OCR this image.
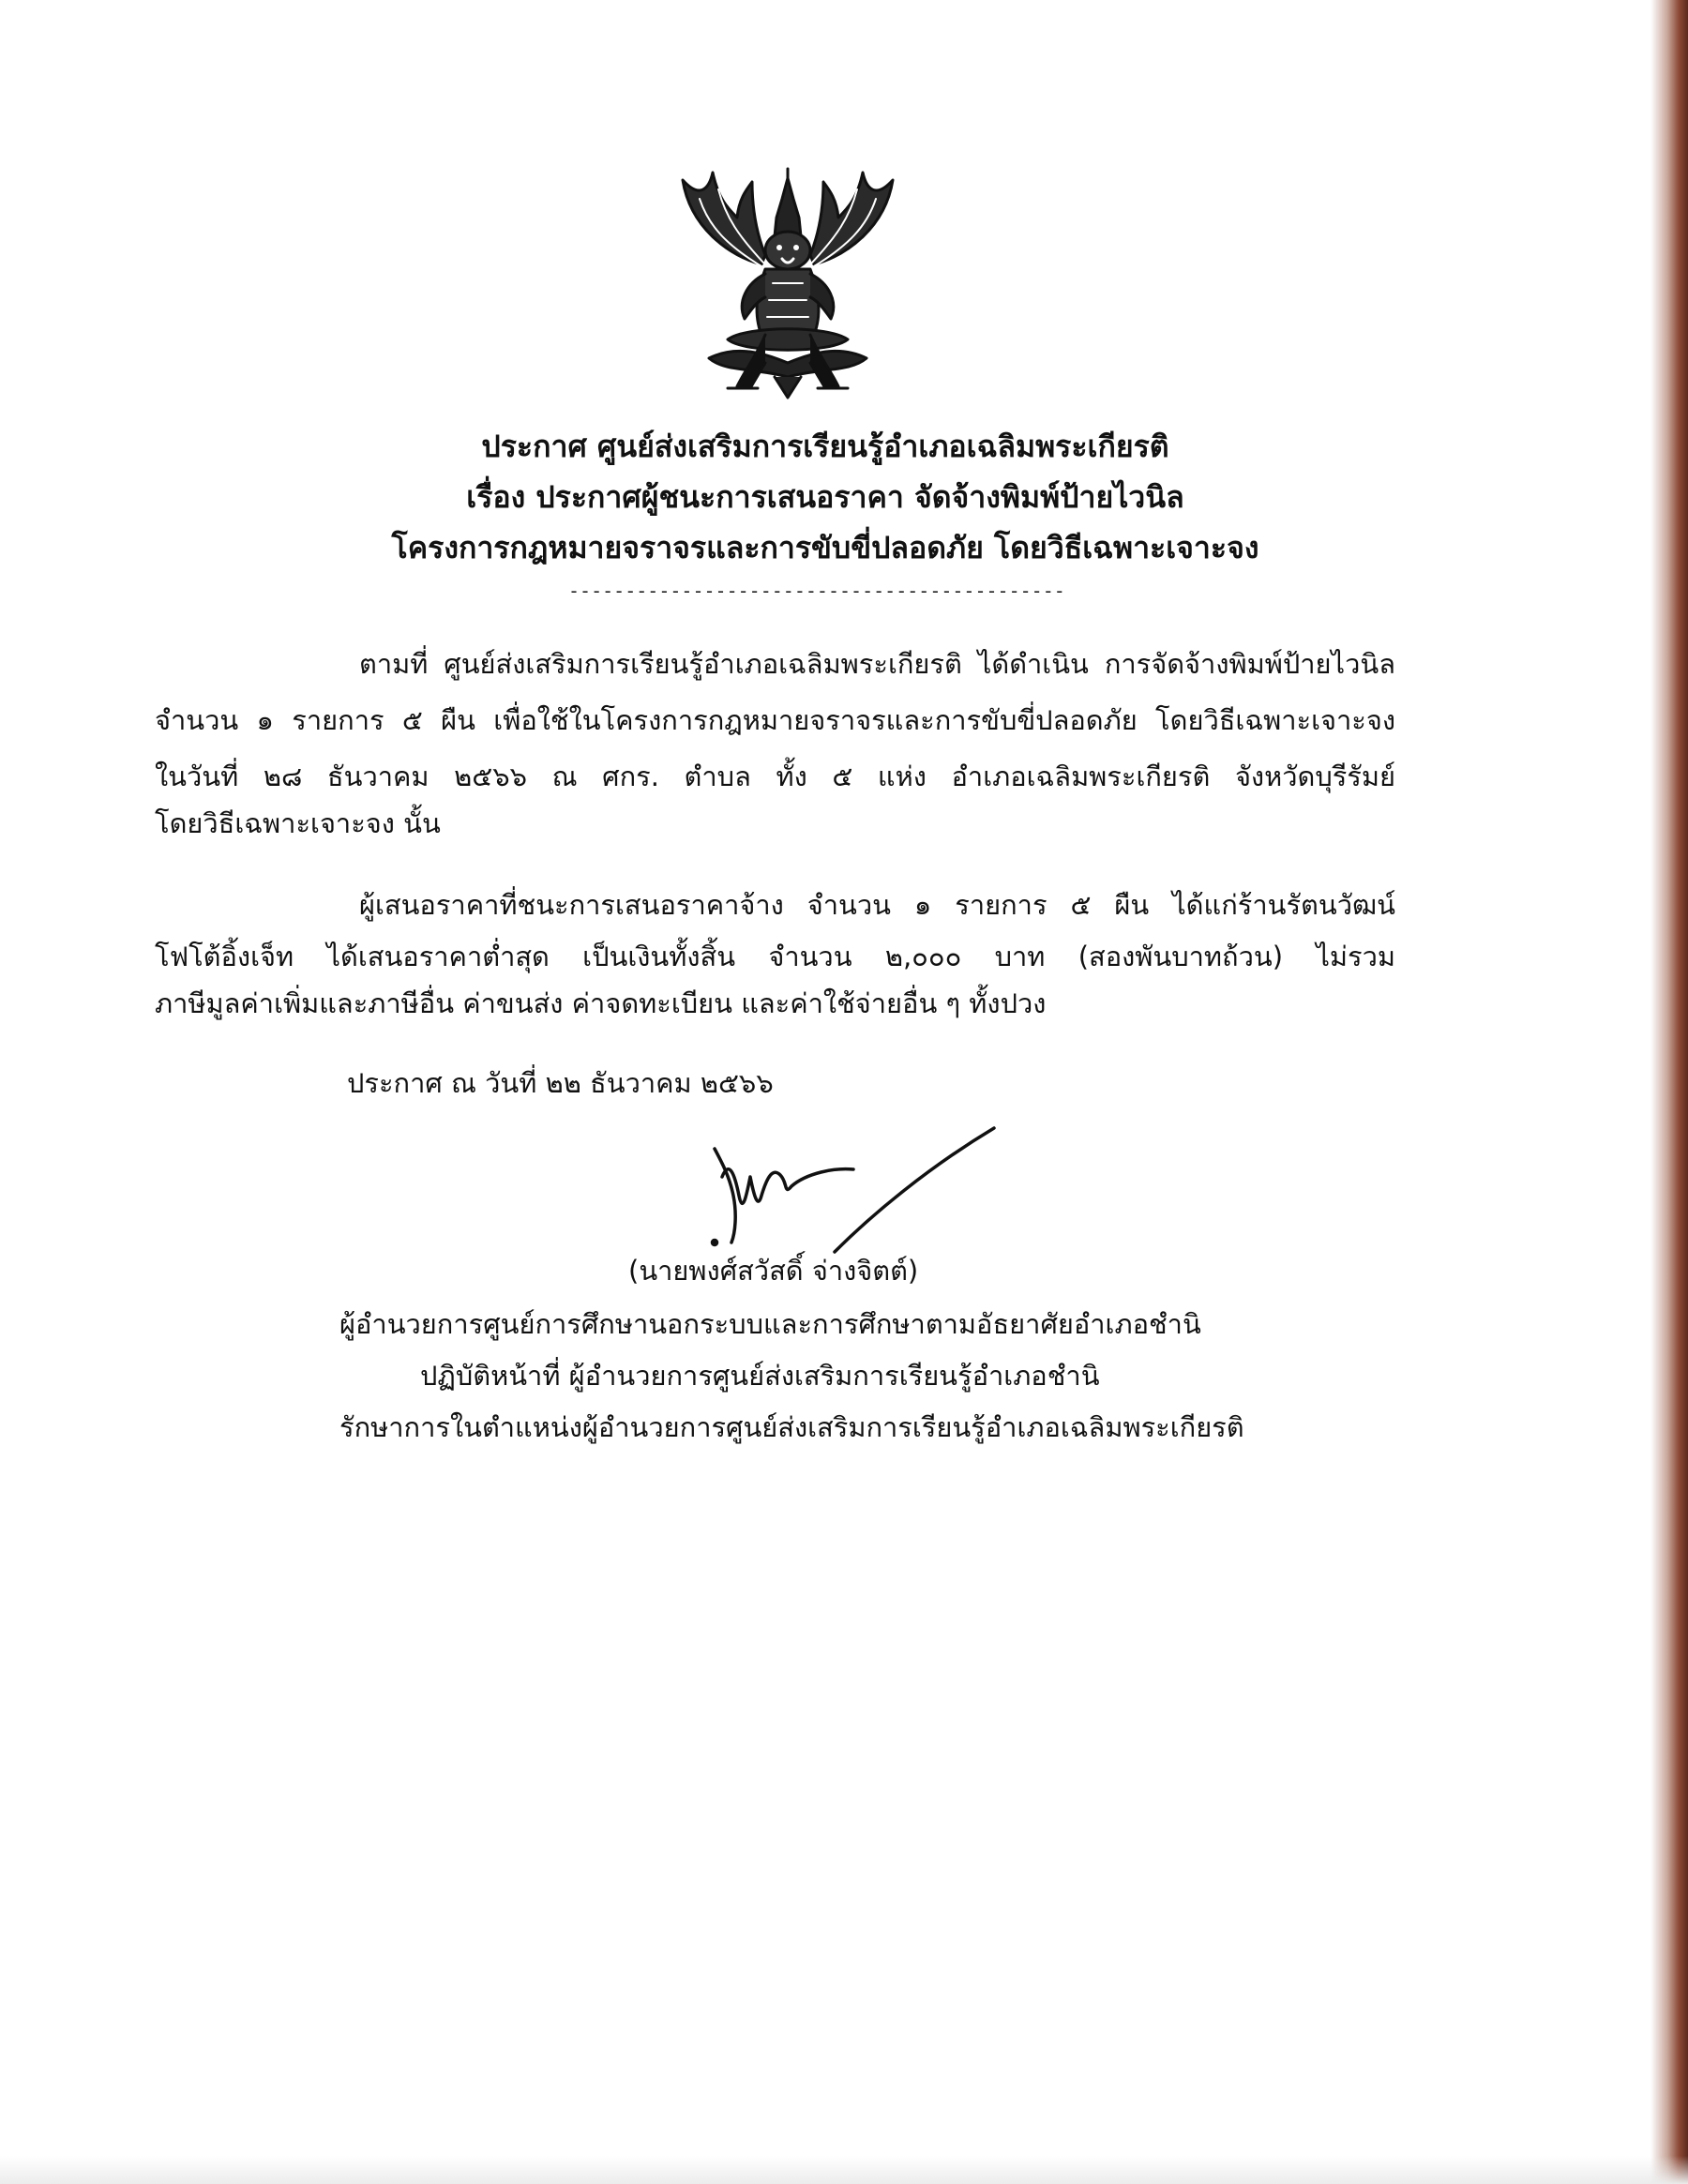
ประกาศ ศูนย์ส่งเสริมการเรียนรู้อำเภอเฉลิมพระเกียรติ
เรื่อง ประกาศผู้ชนะการเสนอราคา จัดจ้างพิมพ์ป้ายไวนิล
โครงการกฎหมายจราจรและการขับขี่ปลอดภัย โดยวิธีเฉพาะเจาะจง
--------------------------------------------
ตามที่ ศูนย์ส่งเสริมการเรียนรู้อำเภอเฉลิมพระเกียรติ ได้ดำเนิน การจัดจ้างพิมพ์ป้ายไวนิล
จำนวน ๑ รายการ ๕ ผืน เพื่อใช้ในโครงการกฎหมายจราจรและการขับขี่ปลอดภัย โดยวิธีเฉพาะเจาะจง
ในวันที่ ๒๘ ธันวาคม ๒๕๖๖ ณ ศกร. ตำบล ทั้ง ๕ แห่ง อำเภอเฉลิมพระเกียรติ จังหวัดบุรีรัมย์
โดยวิธีเฉพาะเจาะจง นั้น
ผู้เสนอราคาที่ชนะการเสนอราคาจ้าง จำนวน ๑ รายการ ๕ ผืน ได้แก่ร้านรัตนวัฒน์
โฟโต้อิ้งเจ็ท ได้เสนอราคาต่ำสุด เป็นเงินทั้งสิ้น จำนวน ๒,๐๐๐ บาท (สองพันบาทถ้วน) ไม่รวม
ภาษีมูลค่าเพิ่มและภาษีอื่น ค่าขนส่ง ค่าจดทะเบียน และค่าใช้จ่ายอื่น ๆ ทั้งปวง
ประกาศ ณ วันที่ ๒๒ ธันวาคม ๒๕๖๖
(นายพงศ์สวัสดิ์ จ่างจิตต์)
ผู้อำนวยการศูนย์การศึกษานอกระบบและการศึกษาตามอัธยาศัยอำเภอชำนิ
ปฏิบัติหน้าที่ ผู้อำนวยการศูนย์ส่งเสริมการเรียนรู้อำเภอชำนิ
รักษาการในตำแหน่งผู้อำนวยการศูนย์ส่งเสริมการเรียนรู้อำเภอเฉลิมพระเกียรติ
